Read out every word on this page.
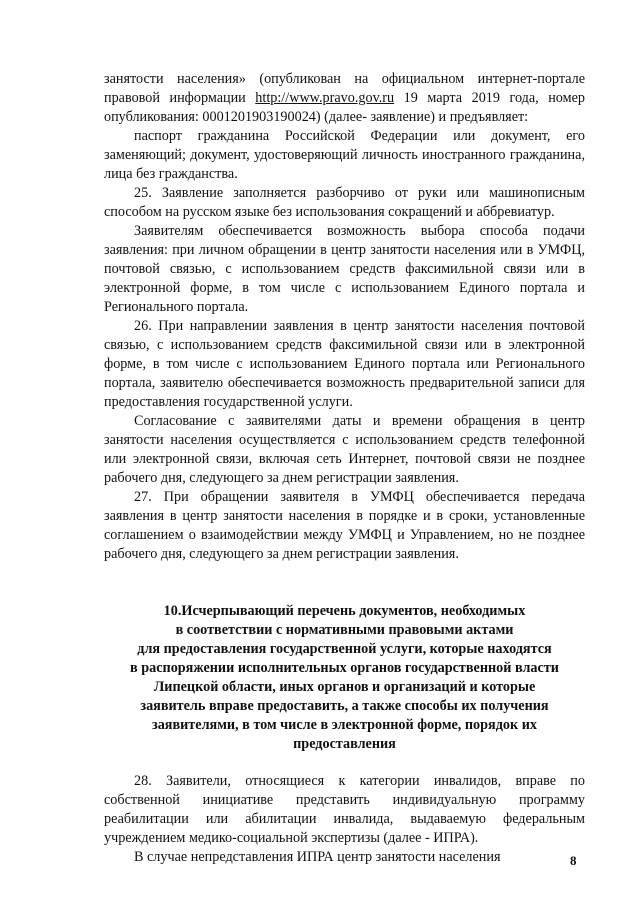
занятости населения» (опубликован на официальном интернет-портале правовой информации http://www.pravo.gov.ru 19 марта 2019 года, номер опубликования: 0001201903190024) (далее- заявление) и предъявляет:

паспорт гражданина Российской Федерации или документ, его заменяющий; документ, удостоверяющий личность иностранного гражданина, лица без гражданства.

25. Заявление заполняется разборчиво от руки или машинописным способом на русском языке без использования сокращений и аббревиатур.

Заявителям обеспечивается возможность выбора способа подачи заявления: при личном обращении в центр занятости населения или в УМФЦ, почтовой связью, с использованием средств факсимильной связи или в электронной форме, в том числе с использованием Единого портала и Регионального портала.

26. При направлении заявления в центр занятости населения почтовой связью, с использованием средств факсимильной связи или в электронной форме, в том числе с использованием Единого портала или Регионального портала, заявителю обеспечивается возможность предварительной записи для предоставления государственной услуги.

Согласование с заявителями даты и времени обращения в центр занятости населения осуществляется с использованием средств телефонной или электронной связи, включая сеть Интернет, почтовой связи не позднее рабочего дня, следующего за днем регистрации заявления.

27. При обращении заявителя в УМФЦ обеспечивается передача заявления в центр занятости населения в порядке и в сроки, установленные соглашением о взаимодействии между УМФЦ и Управлением, но не позднее рабочего дня, следующего за днем регистрации заявления.

10.Исчерпывающий перечень документов, необходимых
в соответствии с нормативными правовыми актами
для предоставления государственной услуги, которые находятся
в распоряжении исполнительных органов государственной власти
Липецкой области, иных органов и организаций и которые
заявитель вправе предоставить, а также способы их получения
заявителями, в том числе в электронной форме, порядок их
предоставления

28. Заявители, относящиеся к категории инвалидов, вправе по собственной инициативе представить индивидуальную программу реабилитации или абилитации инвалида, выдаваемую федеральным учреждением медико-социальной экспертизы (далее - ИПРА).

В случае непредставления ИПРА центр занятости населения	8
